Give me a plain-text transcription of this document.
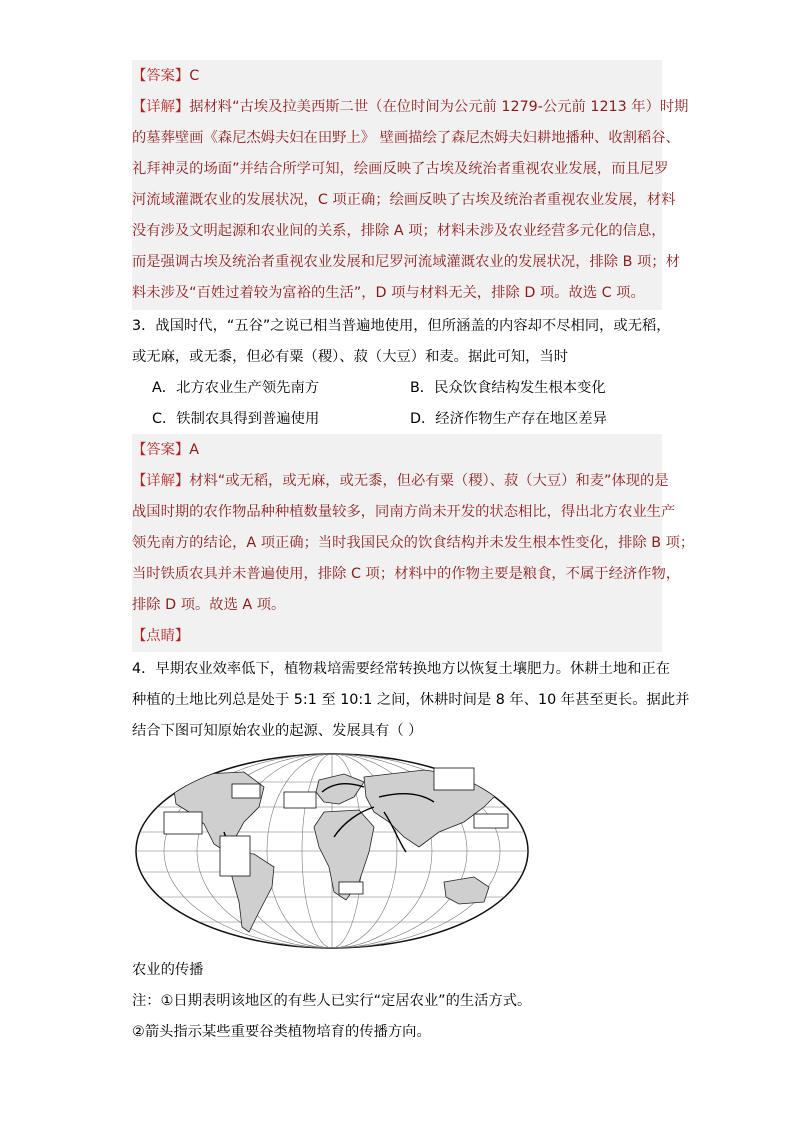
【答案】C
【详解】据材料“古埃及拉美西斯二世（在位时间为公元前 1279-公元前 1213 年）时期
的墓葬壁画《森尼杰姆夫妇在田野上》 壁画描绘了森尼杰姆夫妇耕地播种、收割稻谷、
礼拜神灵的场面”并结合所学可知，绘画反映了古埃及统治者重视农业发展，而且尼罗
河流域灌溉农业的发展状况，C 项正确；绘画反映了古埃及统治者重视农业发展，材料
没有涉及文明起源和农业间的关系，排除 A 项；材料未涉及农业经营多元化的信息，
而是强调古埃及统治者重视农业发展和尼罗河流域灌溉农业的发展状况，排除 B 项；材
料未涉及“百姓过着较为富裕的生活”，D 项与材料无关，排除 D 项。故选 C 项。
3．战国时代，“五谷”之说已相当普遍地使用，但所涵盖的内容却不尽相同，或无稻，
或无麻，或无黍，但必有粟（稷）、菽（大豆）和麦。据此可知，当时
A．北方农业生产领先南方	B．民众饮食结构发生根本变化
C．铁制农具得到普遍使用	D．经济作物生产存在地区差异
【答案】A
【详解】材料“或无稻，或无麻，或无黍，但必有粟（稷）、菽（大豆）和麦”体现的是
战国时期的农作物品种种植数量较多，同南方尚未开发的状态相比，得出北方农业生产
领先南方的结论，A 项正确；当时我国民众的饮食结构并未发生根本性变化，排除 B 项；
当时铁质农具并未普遍使用，排除 C 项；材料中的作物主要是粮食，不属于经济作物，
排除 D 项。故选 A 项。
【点睛】
4．早期农业效率低下，植物栽培需要经常转换地方以恢复土壤肥力。休耕土地和正在
种植的土地比列总是处于 5:1 至 10:1 之间，休耕时间是 8 年、10 年甚至更长。据此并
结合下图可知原始农业的起源、发展具有（ ）
农业的传播
注：①日期表明该地区的有些人已实行“定居农业”的生活方式。
②箭头指示某些重要谷类植物培育的传播方向。
